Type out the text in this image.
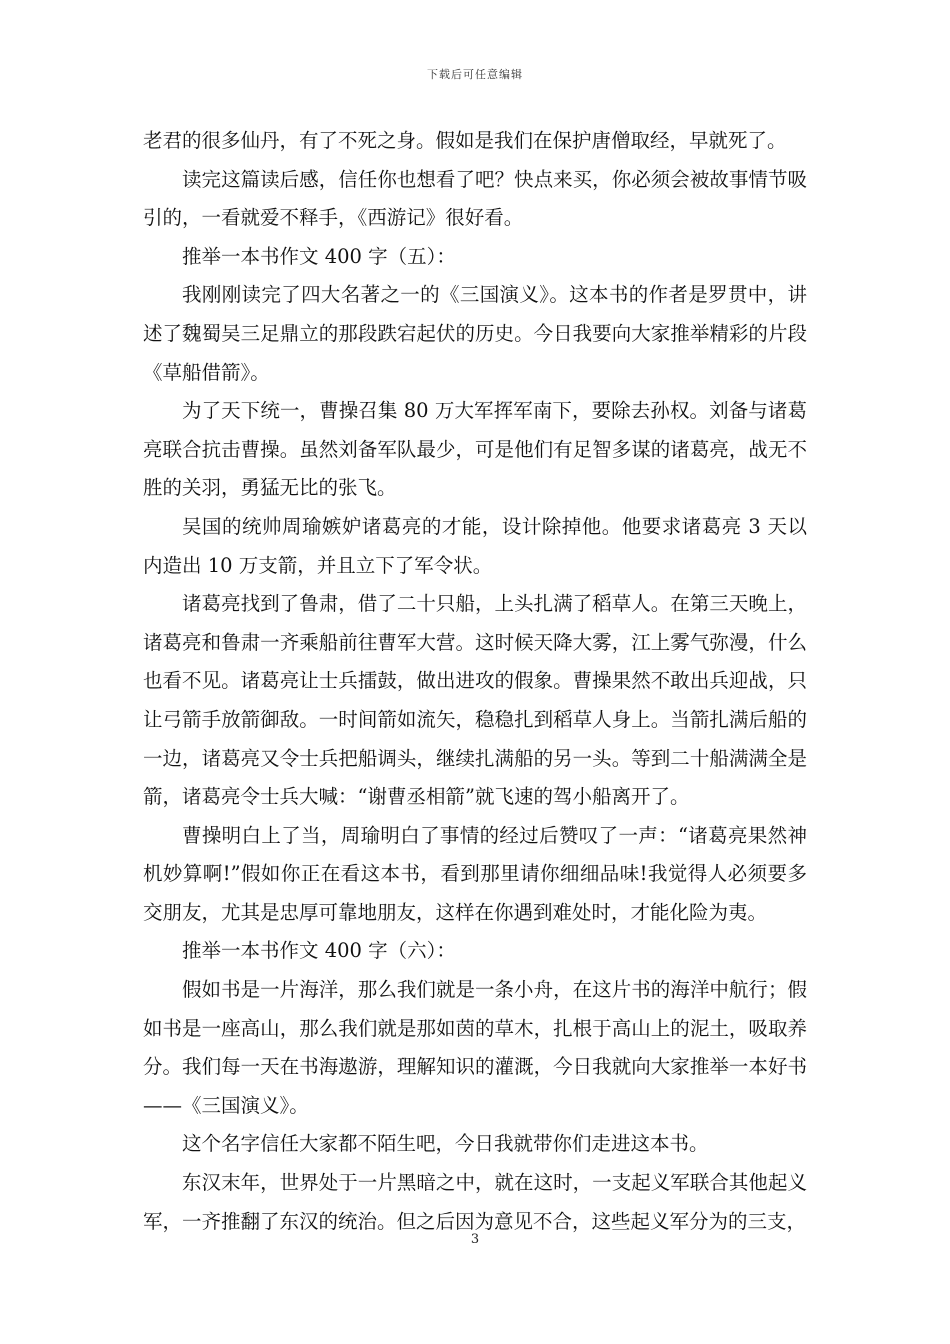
下载后可任意编辑

老君的很多仙丹，有了不死之身。假如是我们在保护唐僧取经，早就死了。

读完这篇读后感，信任你也想看了吧？快点来买，你必须会被故事情节吸引的，一看就爱不释手，《西游记》很好看。

推举一本书作文 400 字（五）：

我刚刚读完了四大名著之一的《三国演义》。这本书的作者是罗贯中，讲述了魏蜀吴三足鼎立的那段跌宕起伏的历史。今日我要向大家推举精彩的片段《草船借箭》。

为了天下统一，曹操召集 80 万大军挥军南下，要除去孙权。刘备与诸葛亮联合抗击曹操。虽然刘备军队最少，可是他们有足智多谋的诸葛亮，战无不胜的关羽，勇猛无比的张飞。

吴国的统帅周瑜嫉妒诸葛亮的才能，设计除掉他。他要求诸葛亮 3 天以内造出 10 万支箭，并且立下了军令状。

诸葛亮找到了鲁肃，借了二十只船，上头扎满了稻草人。在第三天晚上，诸葛亮和鲁肃一齐乘船前往曹军大营。这时候天降大雾，江上雾气弥漫，什么也看不见。诸葛亮让士兵擂鼓，做出进攻的假象。曹操果然不敢出兵迎战，只让弓箭手放箭御敌。一时间箭如流矢，稳稳扎到稻草人身上。当箭扎满后船的一边，诸葛亮又令士兵把船调头，继续扎满船的另一头。等到二十船满满全是箭，诸葛亮令士兵大喊：“谢曹丞相箭”就飞速的驾小船离开了。

曹操明白上了当，周瑜明白了事情的经过后赞叹了一声：“诸葛亮果然神机妙算啊!”假如你正在看这本书，看到那里请你细细品味!我觉得人必须要多交朋友，尤其是忠厚可靠地朋友，这样在你遇到难处时，才能化险为夷。

推举一本书作文 400 字（六）：

假如书是一片海洋，那么我们就是一条小舟，在这片书的海洋中航行；假如书是一座高山，那么我们就是那如茵的草木，扎根于高山上的泥土，吸取养分。我们每一天在书海遨游，理解知识的灌溉，今日我就向大家推举一本好书——《三国演义》。

这个名字信任大家都不陌生吧，今日我就带你们走进这本书。

东汉末年，世界处于一片黑暗之中，就在这时，一支起义军联合其他起义军，一齐推翻了东汉的统治。但之后因为意见不合，这些起义军分为的三支，

3
